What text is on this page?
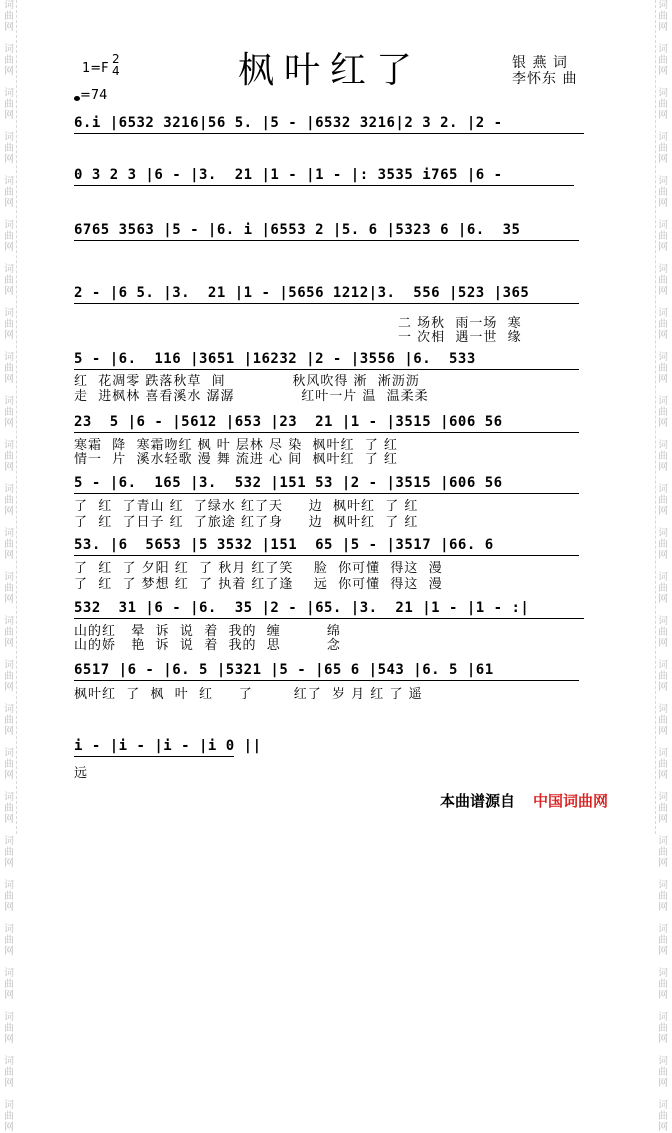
词
曲
网

词
曲
网

词
曲
网

词
曲
网

词
曲
网

词
曲
网

词
曲
网

词
曲
网

词
曲
网

词
曲
网

词
曲
网

词
曲
网

词
曲
网

词
曲
网

词
曲
网

词
曲
网

词
曲
网

词
曲
网

词
曲
网

词
曲
网

词
曲
网

词
曲
网

词
曲
网

词
曲
网

词
曲
网

词
曲
网

词
曲
网

词
曲
网

词
曲
网

词
曲
网

词
曲
网

词
曲
网

词
曲
网

词
曲
网

词
曲
网

词
曲
网

词
曲
网

词
曲
网

词
曲
网

词
曲
网

词
曲
网

词
曲
网

词
曲
网

词
曲
网

词
曲
网

词
曲
网

词
曲
网

词
曲
网

词
曲
网

词
曲
网

词
曲
网

词
曲
网

枫叶红了	银 燕 词
李怀东 曲
1=F
2
4
=74
6.i |6532 3216|56 5. |5 - |6532 3216|2 3 2. |2 -
0 3 2 3 |6 - |3.  21 |1 - |1 - |: 3535 i765 |6 -
6765 3563 |5 - |6. i |6553 2 |5. 6 |5323 6 |6.  35
2 - |6 5. |3.  21 |1 - |5656 1212|3.  556 |523 |365
5 - |6.  116 |3651 |16232 |2 - |3556 |6.  533
23  5 |6 - |5612 |653 |23  21 |1 - |3515 |606 56
5 - |6.  165 |3.  532 |151 53 |2 - |3515 |606 56
53. |6  5653 |5 3532 |151  65 |5 - |3517 |66. 6
532  31 |6 - |6.  35 |2 - |65. |3.  21 |1 - |1 - :|
6517 |6 - |6. 5 |5321 |5 - |65 6 |543 |6. 5 |61
i - |i - |i - |i 0 ||
二 场秋  雨一场  寒
一 次相  遇一世  缘
红  花凋零 跌落秋草  间             秋风吹得 淅  淅沥沥
走  进枫林 喜看溪水 潺潺             红叶一片 温  温柔柔
寒霜  降  寒霜吻红 枫 叶 层林 尽 染  枫叶红  了 红
情一  片  溪水轻歌 漫 舞 流进 心 间  枫叶红  了 红
了  红  了青山 红  了绿水 红了天     边  枫叶红  了 红
了  红  了日子 红  了旅途 红了身     边  枫叶红  了 红
了  红  了 夕阳 红  了 秋月 红了笑    脸  你可懂  得这  漫
了  红  了 梦想 红  了 执着 红了逢    远  你可懂  得这  漫
山的红   晕  诉  说  着  我的  缠         绵
山的娇   艳  诉  说  着  我的  思         念
枫叶红  了  枫  叶  红     了        红了  岁 月 红 了 遥
远
本曲谱源自 中国词曲网
